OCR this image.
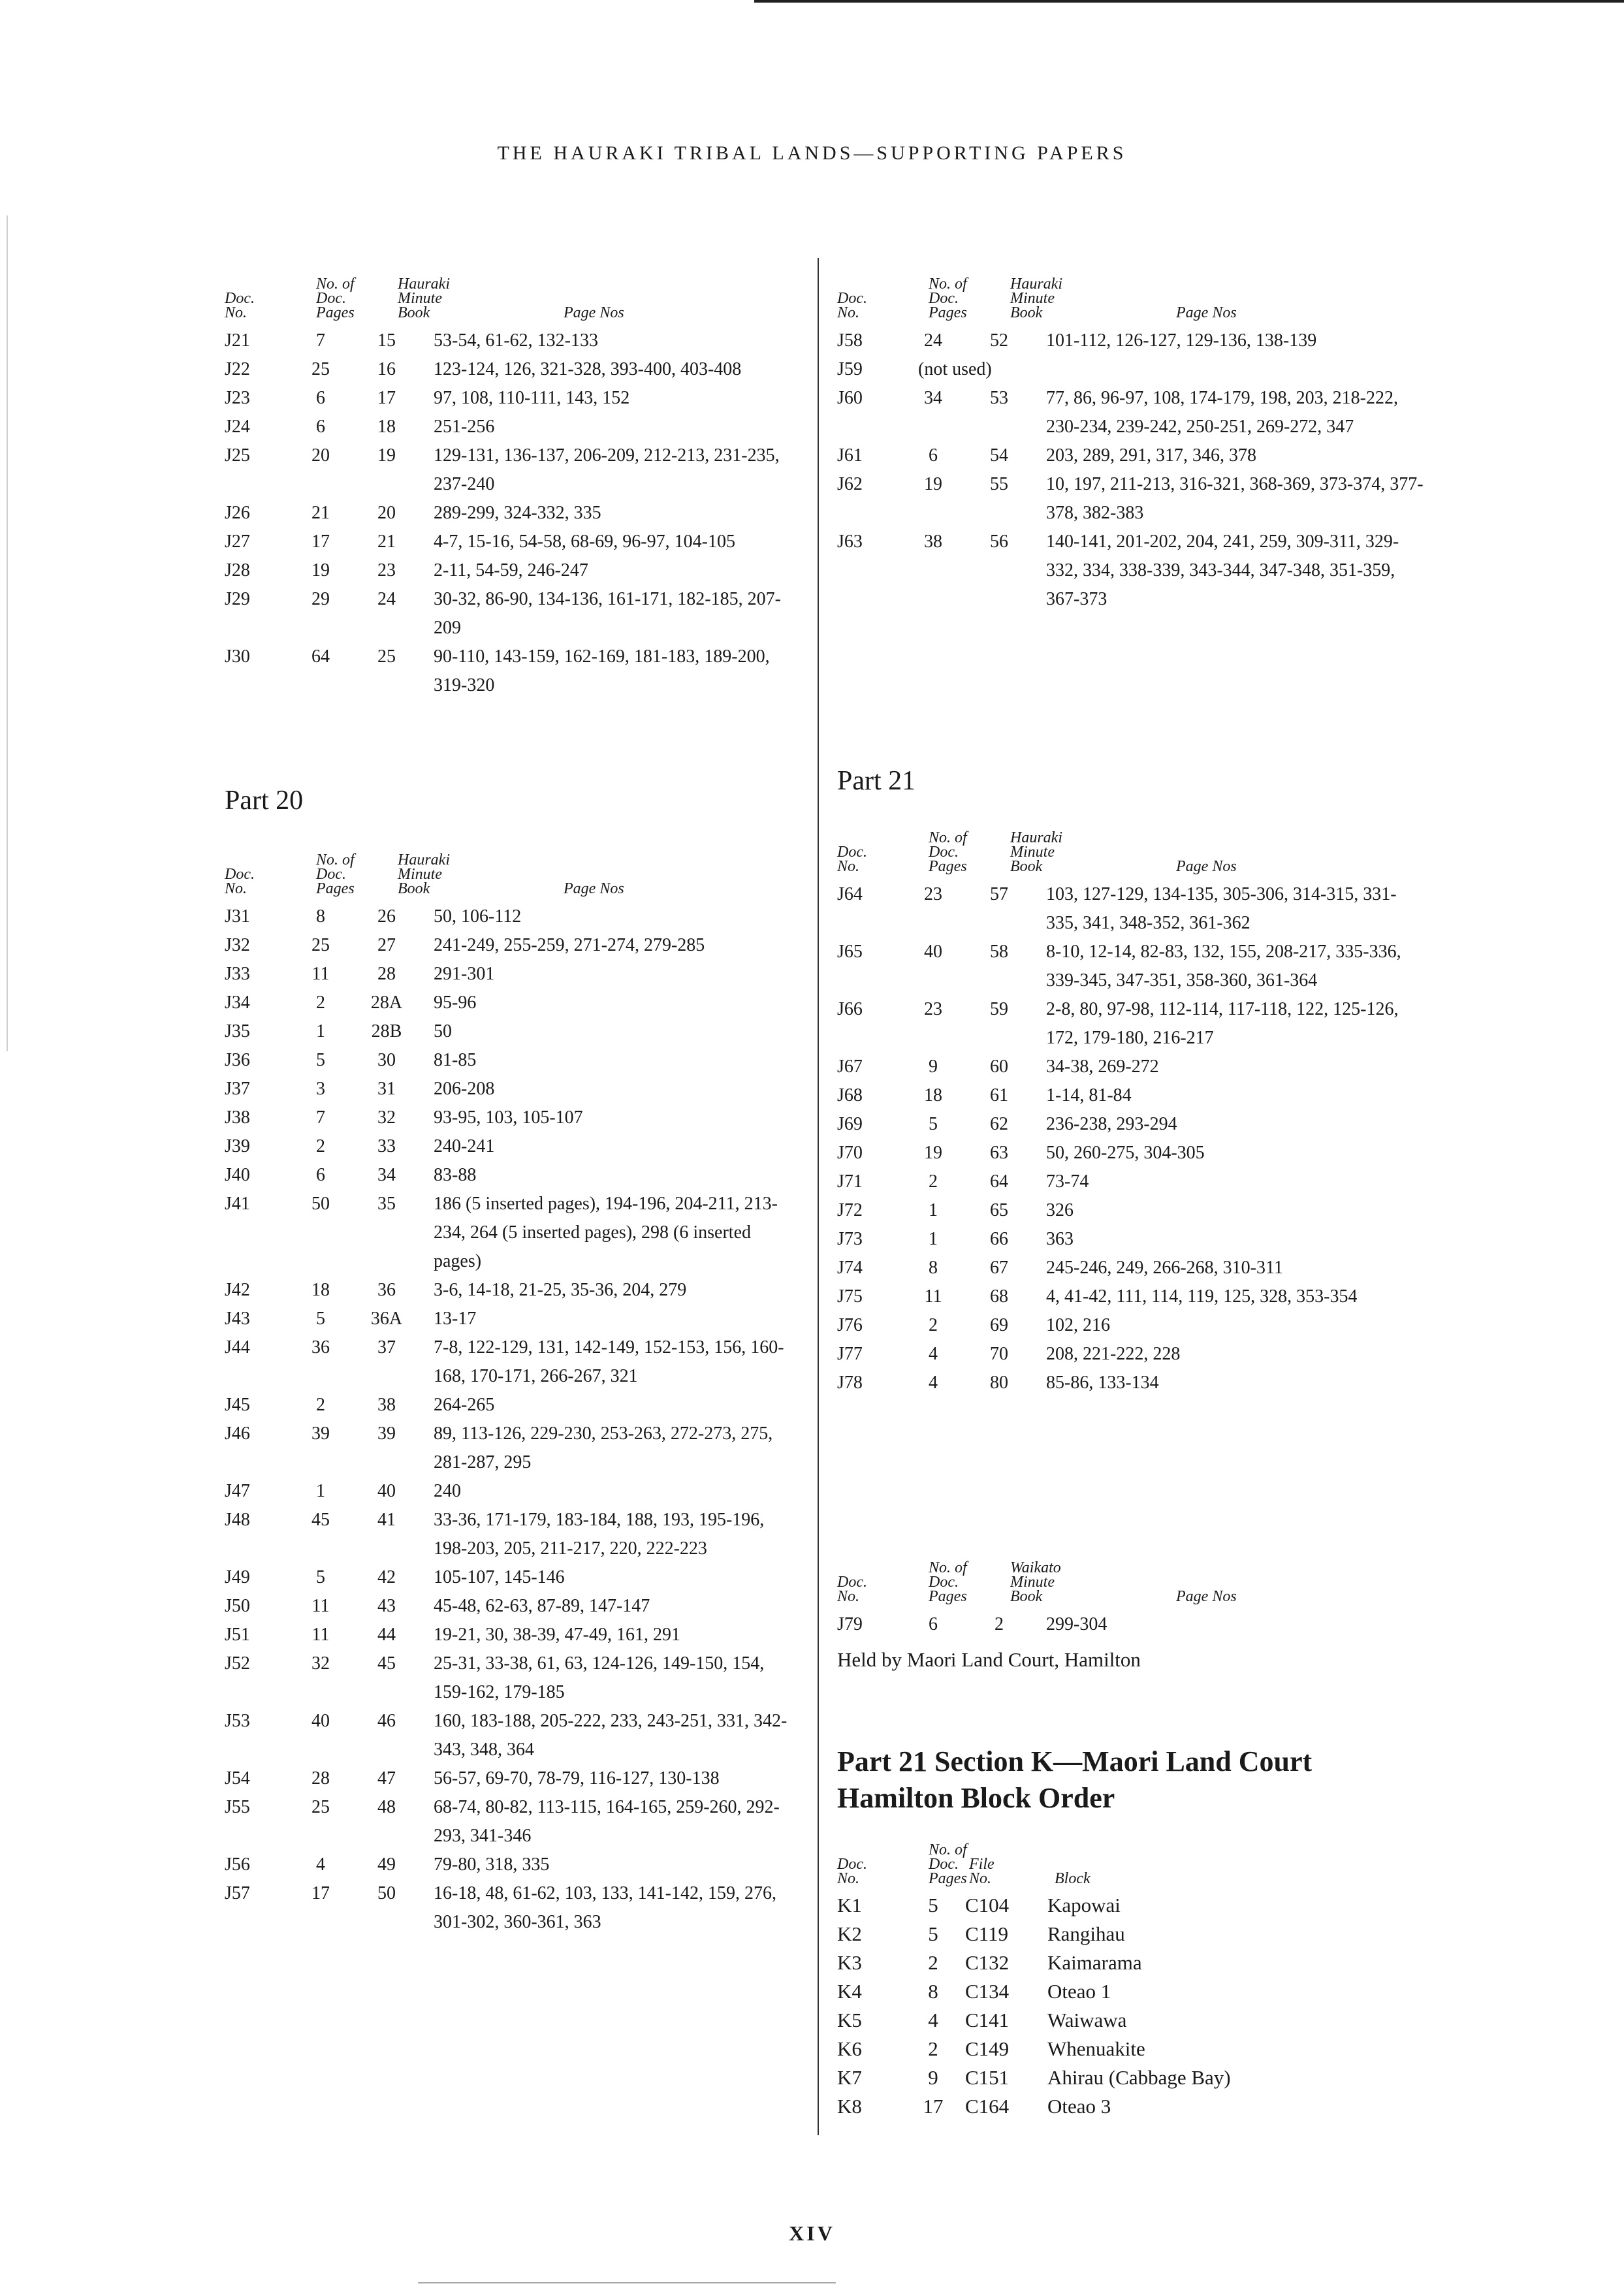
THE HAURAKI TRIBAL LANDS—SUPPORTING PAPERS
Doc.
No.
No. of
Doc.
Pages
Hauraki
Minute
Book	Page Nos
J21	7	15	53-54, 61-62, 132-133
J22	25	16	123-124, 126, 321-328, 393-400, 403-408
J23	6	17	97, 108, 110-111, 143, 152
J24	6	18	251-256
J25	20	19	129-131, 136-137, 206-209, 212-213, 231-235, 237-240
J26	21	20	289-299, 324-332, 335
J27	17	21	4-7, 15-16, 54-58, 68-69, 96-97, 104-105
J28	19	23	2-11, 54-59, 246-247
J29	29	24	30-32, 86-90, 134-136, 161-171, 182-185, 207-209
J30	64	25	90-110, 143-159, 162-169, 181-183, 189-200, 319-320
Part 20
Doc.
No.
No. of
Doc.
Pages
Hauraki
Minute
Book	Page Nos
J31	8	26	50, 106-112
J32	25	27	241-249, 255-259, 271-274, 279-285
J33	11	28	291-301
J34	2	28A	95-96
J35	1	28B	50
J36	5	30	81-85
J37	3	31	206-208
J38	7	32	93-95, 103, 105-107
J39	2	33	240-241
J40	6	34	83-88
J41	50	35	186 (5 inserted pages), 194-196, 204-211, 213-234, 264 (5 inserted pages), 298 (6 inserted pages)
J42	18	36	3-6, 14-18, 21-25, 35-36, 204, 279
J43	5	36A	13-17
J44	36	37	7-8, 122-129, 131, 142-149, 152-153, 156, 160-168, 170-171, 266-267, 321
J45	2	38	264-265
J46	39	39	89, 113-126, 229-230, 253-263, 272-273, 275, 281-287, 295
J47	1	40	240
J48	45	41	33-36, 171-179, 183-184, 188, 193, 195-196, 198-203, 205, 211-217, 220, 222-223
J49	5	42	105-107, 145-146
J50	11	43	45-48, 62-63, 87-89, 147-147
J51	11	44	19-21, 30, 38-39, 47-49, 161, 291
J52	32	45	25-31, 33-38, 61, 63, 124-126, 149-150, 154, 159-162, 179-185
J53	40	46	160, 183-188, 205-222, 233, 243-251, 331, 342-343, 348, 364
J54	28	47	56-57, 69-70, 78-79, 116-127, 130-138
J55	25	48	68-74, 80-82, 113-115, 164-165, 259-260, 292-293, 341-346
J56	4	49	79-80, 318, 335
J57	17	50	16-18, 48, 61-62, 103, 133, 141-142, 159, 276, 301-302, 360-361, 363
Doc.
No.
No. of
Doc.
Pages
Hauraki
Minute
Book	Page Nos
J58	24	52	101-112, 126-127, 129-136, 138-139
J59	(not used)
J60	34	53	77, 86, 96-97, 108, 174-179, 198, 203, 218-222, 230-234, 239-242, 250-251, 269-272, 347
J61	6	54	203, 289, 291, 317, 346, 378
J62	19	55	10, 197, 211-213, 316-321, 368-369, 373-374, 377-378, 382-383
J63	38	56	140-141, 201-202, 204, 241, 259, 309-311, 329-332, 334, 338-339, 343-344, 347-348, 351-359, 367-373
Part 21
Doc.
No.
No. of
Doc.
Pages
Hauraki
Minute
Book	Page Nos
J64	23	57	103, 127-129, 134-135, 305-306, 314-315, 331-335, 341, 348-352, 361-362
J65	40	58	8-10, 12-14, 82-83, 132, 155, 208-217, 335-336, 339-345, 347-351, 358-360, 361-364
J66	23	59	2-8, 80, 97-98, 112-114, 117-118, 122, 125-126, 172, 179-180, 216-217
J67	9	60	34-38, 269-272
J68	18	61	1-14, 81-84
J69	5	62	236-238, 293-294
J70	19	63	50, 260-275, 304-305
J71	2	64	73-74
J72	1	65	326
J73	1	66	363
J74	8	67	245-246, 249, 266-268, 310-311
J75	11	68	4, 41-42, 111, 114, 119, 125, 328, 353-354
J76	2	69	102, 216
J77	4	70	208, 221-222, 228
J78	4	80	85-86, 133-134
Doc.
No.
No. of
Doc.
Pages
Waikato
Minute
Book	Page Nos
J79	6	2	299-304
Held by Maori Land Court, Hamilton
Part 21 Section K—Maori Land Court Hamilton Block Order
Doc.
No.
No. of
Doc.
Pages
File
No.	Block
K1	5	C104	Kapowai
K2	5	C119	Rangihau
K3	2	C132	Kaimarama
K4	8	C134	Oteao 1
K5	4	C141	Waiwawa
K6	2	C149	Whenuakite
K7	9	C151	Ahirau (Cabbage Bay)
K8	17	C164	Oteao 3
XIV
